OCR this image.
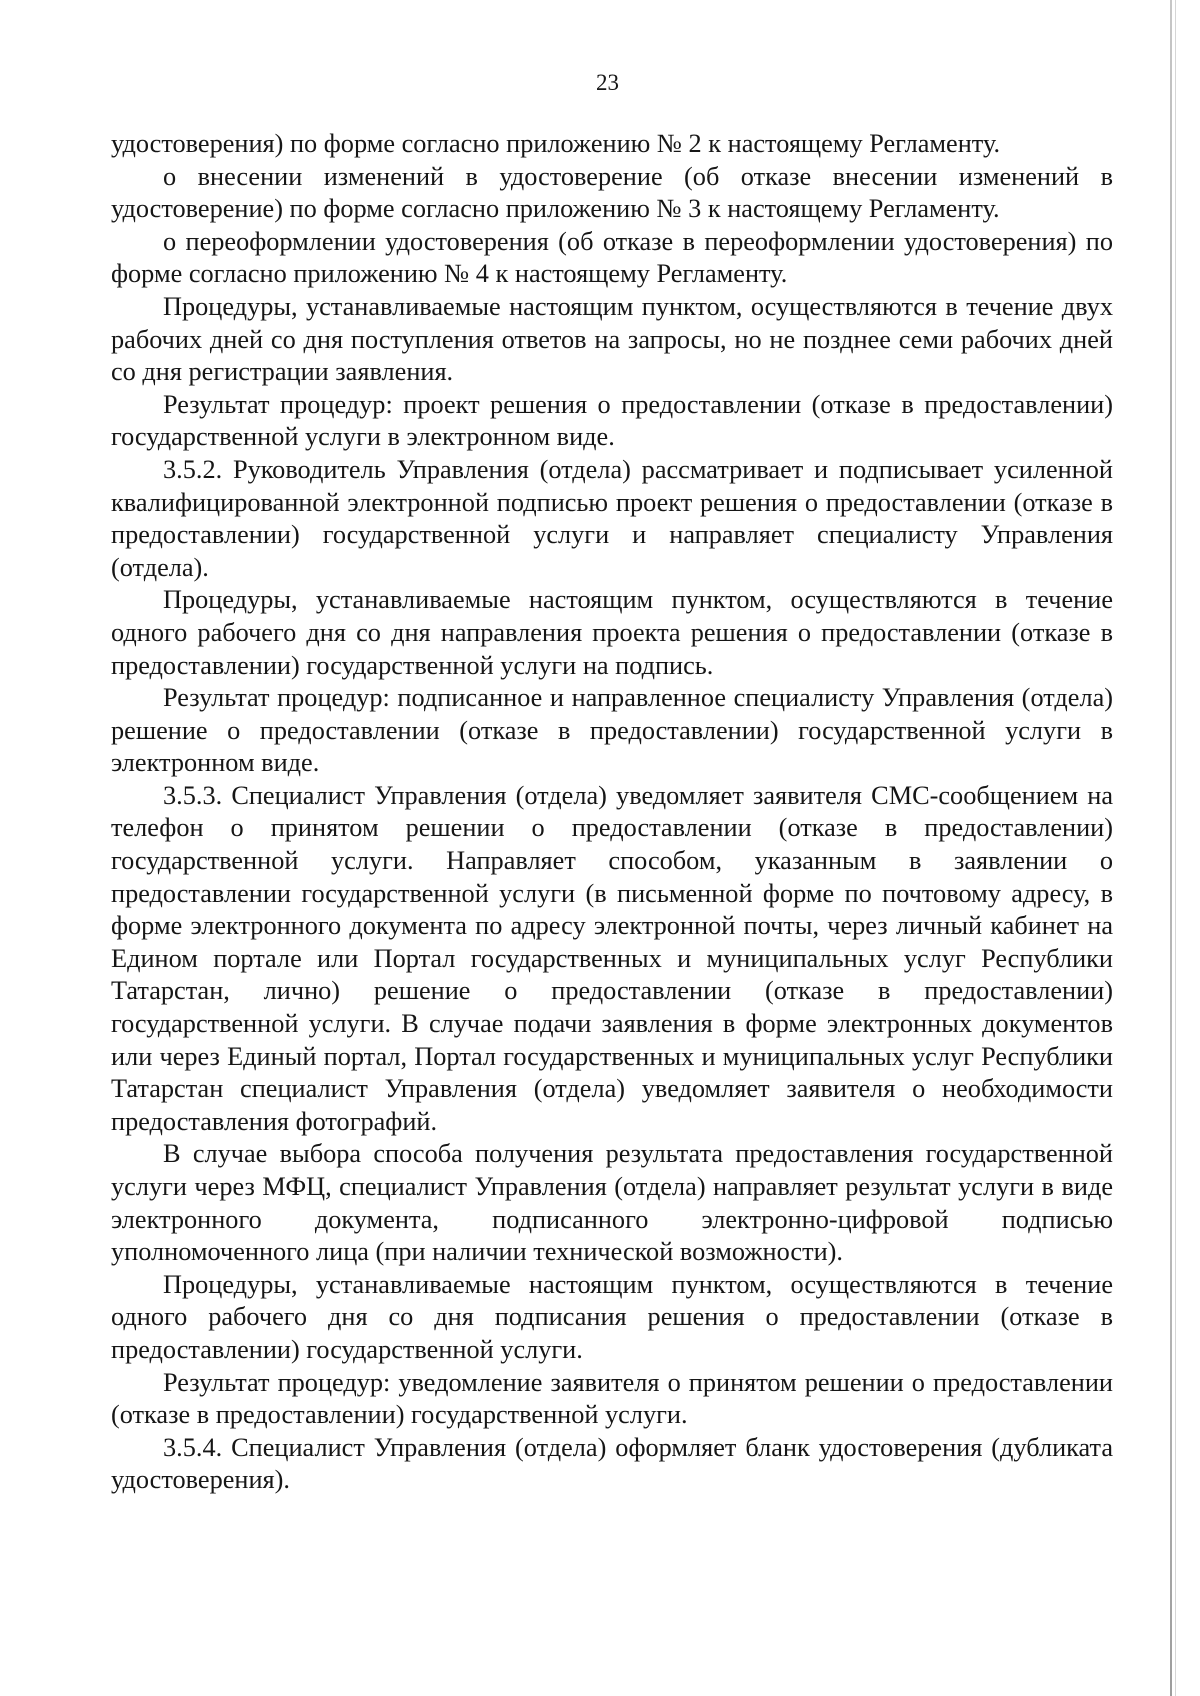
23

удостоверения) по форме согласно приложению № 2 к настоящему Регламенту.

о внесении изменений в удостоверение (об отказе внесении изменений в удостоверение) по форме согласно приложению № 3 к настоящему Регламенту.

о переоформлении удостоверения (об отказе в переоформлении удостоверения) по форме согласно приложению № 4 к настоящему Регламенту.

Процедуры, устанавливаемые настоящим пунктом, осуществляются в течение двух рабочих дней со дня поступления ответов на запросы, но не позднее семи рабочих дней со дня регистрации заявления.

Результат процедур: проект решения о предоставлении (отказе в предоставлении) государственной услуги в электронном виде.

3.5.2. Руководитель Управления (отдела) рассматривает и подписывает усиленной квалифицированной электронной подписью проект решения о предоставлении (отказе в предоставлении) государственной услуги и направляет специалисту Управления (отдела).

Процедуры, устанавливаемые настоящим пунктом, осуществляются в течение одного рабочего дня со дня направления проекта решения о предоставлении (отказе в предоставлении) государственной услуги на подпись.

Результат процедур: подписанное и направленное специалисту Управления (отдела) решение о предоставлении (отказе в предоставлении) государственной услуги в электронном виде.

3.5.3. Специалист Управления (отдела) уведомляет заявителя СМС-сообщением на телефон о принятом решении о предоставлении (отказе в предоставлении) государственной услуги. Направляет способом, указанным в заявлении о предоставлении государственной услуги (в письменной форме по почтовому адресу, в форме электронного документа по адресу электронной почты, через личный кабинет на Едином портале или Портал государственных и муниципальных услуг Республики Татарстан, лично) решение о предоставлении (отказе в предоставлении) государственной услуги. В случае подачи заявления в форме электронных документов или через Единый портал, Портал государственных и муниципальных услуг Республики Татарстан специалист Управления (отдела) уведомляет заявителя о необходимости предоставления фотографий.

В случае выбора способа получения результата предоставления государственной услуги через МФЦ, специалист Управления (отдела) направляет результат услуги в виде электронного документа, подписанного электронно-цифровой подписью уполномоченного лица (при наличии технической возможности).

Процедуры, устанавливаемые настоящим пунктом, осуществляются в течение одного рабочего дня со дня подписания решения о предоставлении (отказе в предоставлении) государственной услуги.

Результат процедур: уведомление заявителя о принятом решении о предоставлении (отказе в предоставлении) государственной услуги.

3.5.4. Специалист Управления (отдела) оформляет бланк удостоверения (дубликата удостоверения).
